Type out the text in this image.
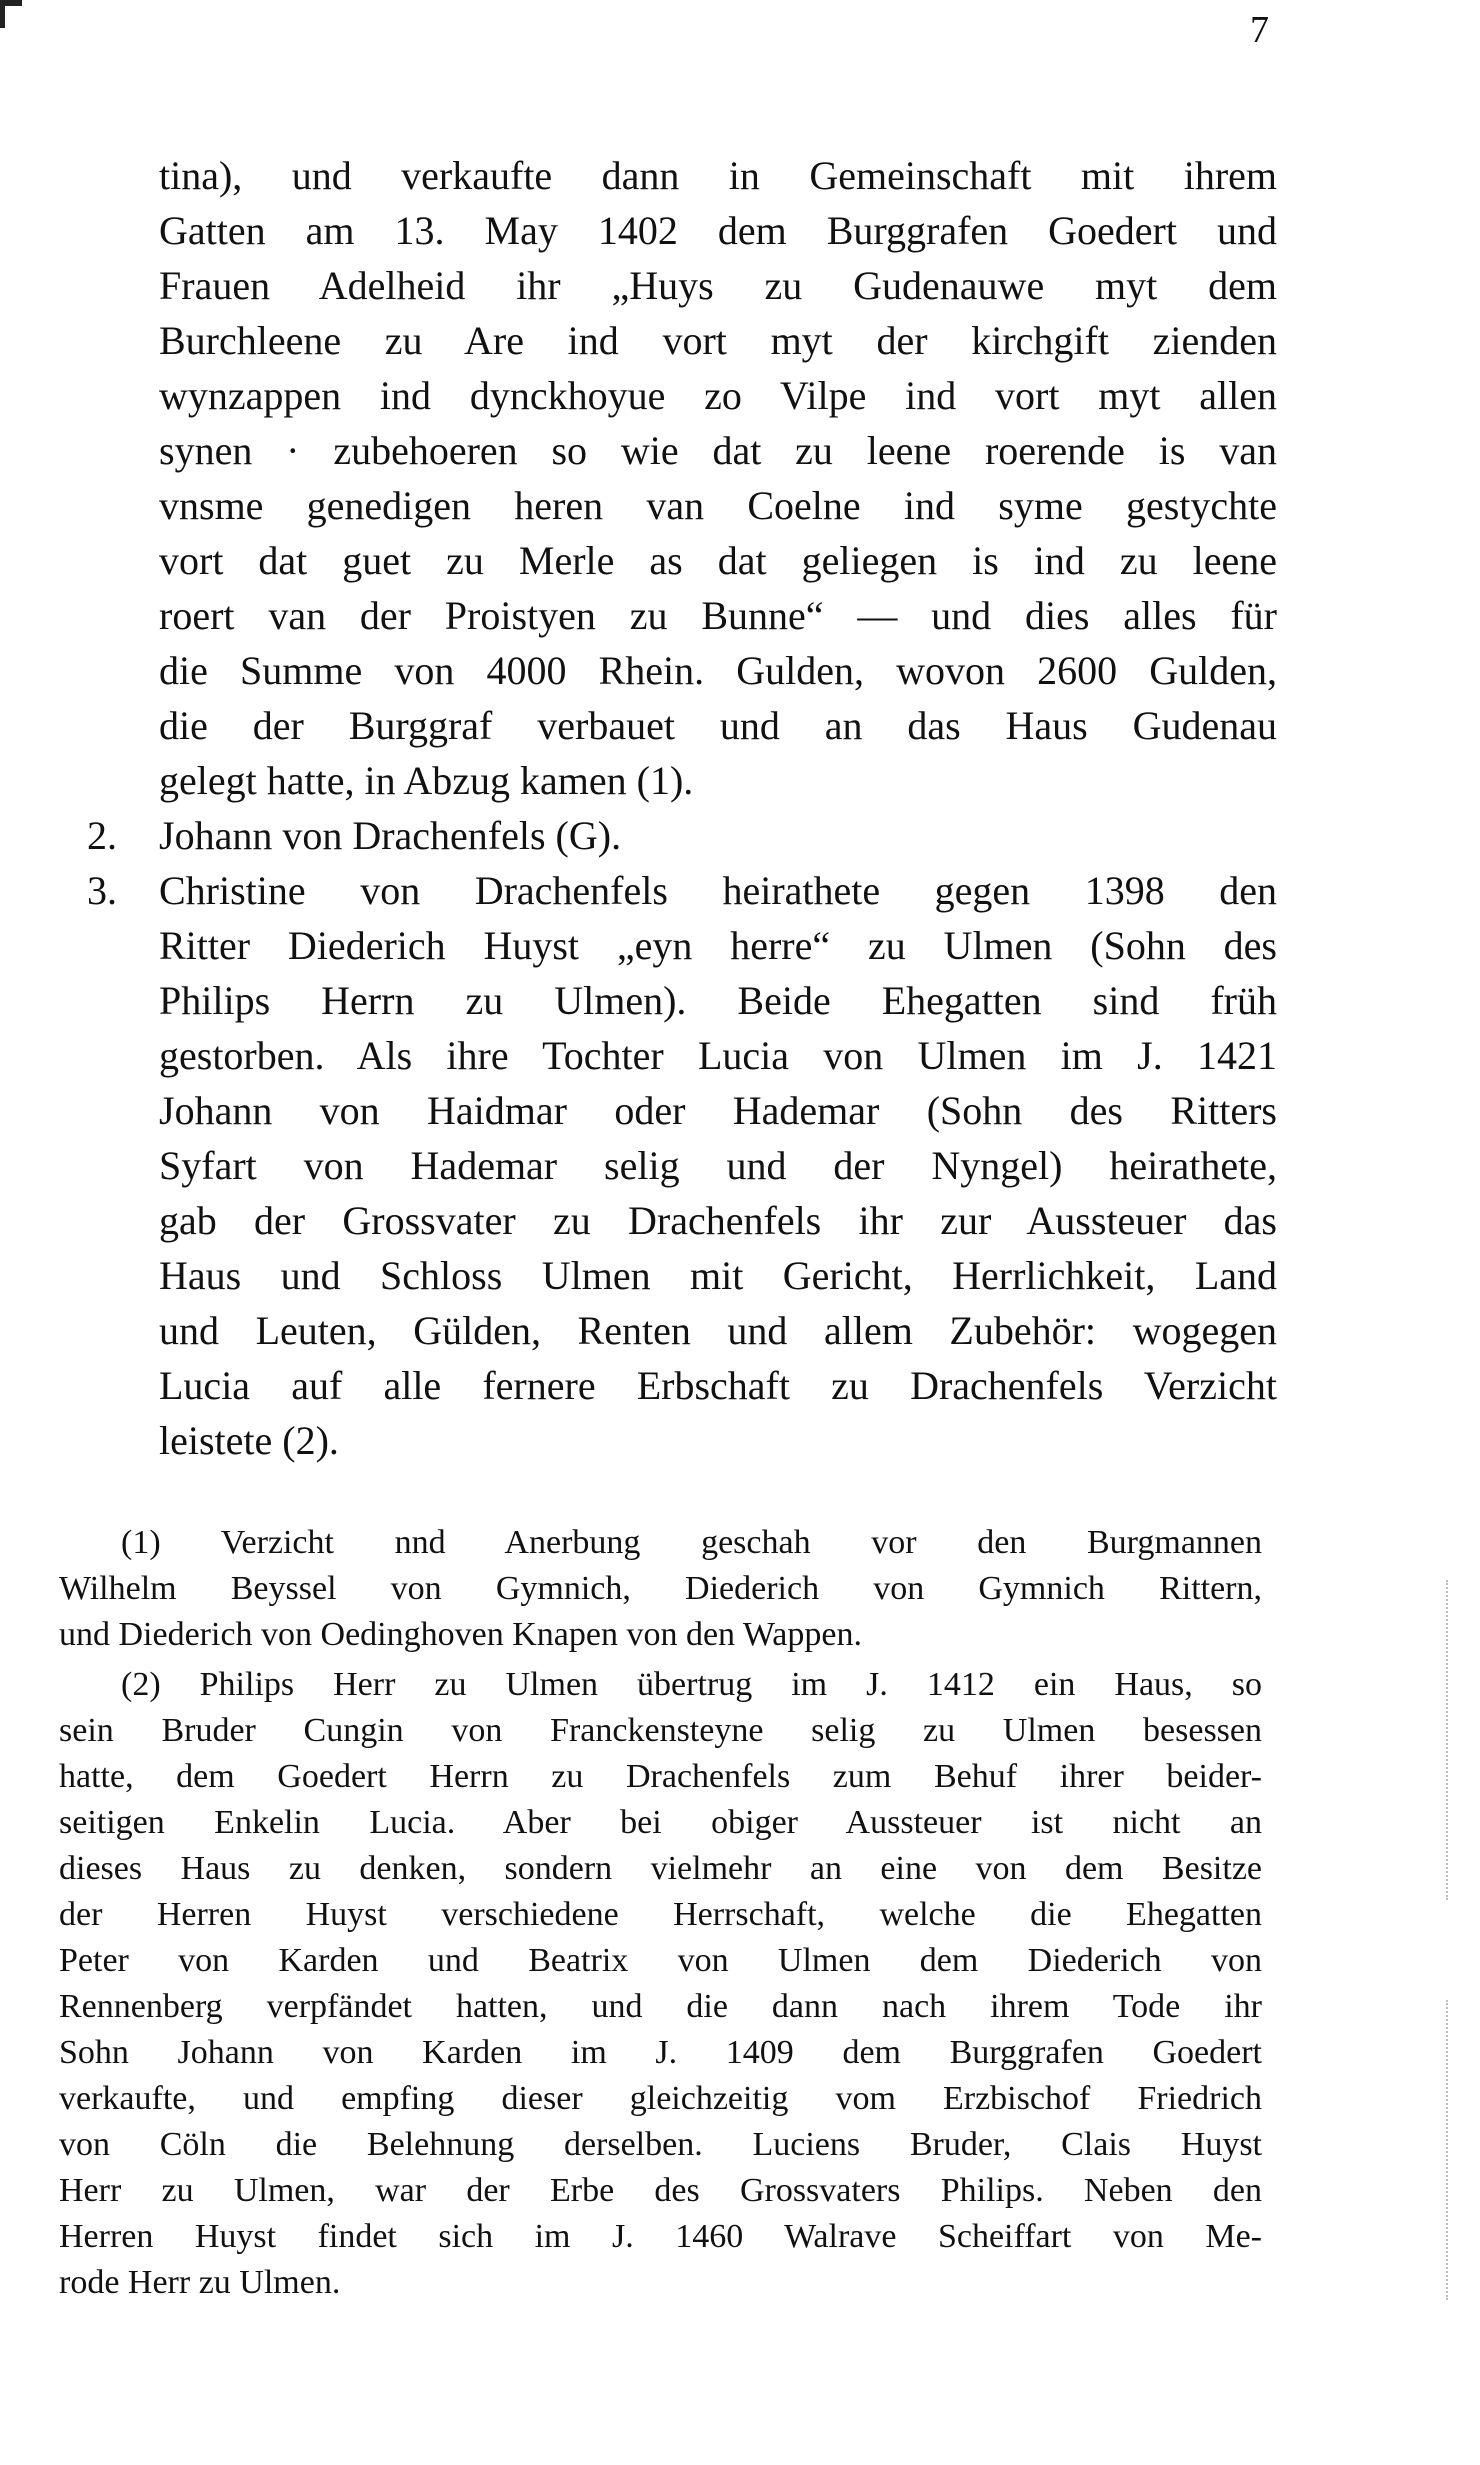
7
tina), und verkaufte dann in Gemeinschaft mit ihrem
Gatten am 13. May 1402 dem Burggrafen Goedert und
Frauen Adelheid ihr „Huys zu Gudenauwe myt dem
Burchleene zu Are ind vort myt der kirchgift zienden
wynzappen ind dynckhoyue zo Vilpe ind vort myt allen
synen · zubehoeren so wie dat zu leene roerende is van
vnsme genedigen heren van Coelne ind syme gestychte
vort dat guet zu Merle as dat geliegen is ind zu leene
roert van der Proistyen zu Bunne“ — und dies alles für
die Summe von 4000 Rhein. Gulden, wovon 2600 Gulden,
die der Burggraf verbauet und an das Haus Gudenau
gelegt hatte, in Abzug kamen (1).
2. Johann von Drachenfels (G).
3. Christine von Drachenfels heirathete gegen 1398 den
Ritter Diederich Huyst „eyn herre“ zu Ulmen (Sohn des
Philips Herrn zu Ulmen). Beide Ehegatten sind früh
gestorben. Als ihre Tochter Lucia von Ulmen im J. 1421
Johann von Haidmar oder Hademar (Sohn des Ritters
Syfart von Hademar selig und der Nyngel) heirathete,
gab der Grossvater zu Drachenfels ihr zur Aussteuer das
Haus und Schloss Ulmen mit Gericht, Herrlichkeit, Land
und Leuten, Gülden, Renten und allem Zubehör: wogegen
Lucia auf alle fernere Erbschaft zu Drachenfels Verzicht
leistete (2).
(1) Verzicht nnd Anerbung geschah vor den Burgmannen
Wilhelm Beyssel von Gymnich, Diederich von Gymnich Rittern,
und Diederich von Oedinghoven Knapen von den Wappen.
(2) Philips Herr zu Ulmen übertrug im J. 1412 ein Haus, so
sein Bruder Cungin von Franckensteyne selig zu Ulmen besessen
hatte, dem Goedert Herrn zu Drachenfels zum Behuf ihrer beider-
seitigen Enkelin Lucia. Aber bei obiger Aussteuer ist nicht an
dieses Haus zu denken, sondern vielmehr an eine von dem Besitze
der Herren Huyst verschiedene Herrschaft, welche die Ehegatten
Peter von Karden und Beatrix von Ulmen dem Diederich von
Rennenberg verpfändet hatten, und die dann nach ihrem Tode ihr
Sohn Johann von Karden im J. 1409 dem Burggrafen Goedert
verkaufte, und empfing dieser gleichzeitig vom Erzbischof Friedrich
von Cöln die Belehnung derselben. Luciens Bruder, Clais Huyst
Herr zu Ulmen, war der Erbe des Grossvaters Philips. Neben den
Herren Huyst findet sich im J. 1460 Walrave Scheiffart von Me-
rode Herr zu Ulmen.
